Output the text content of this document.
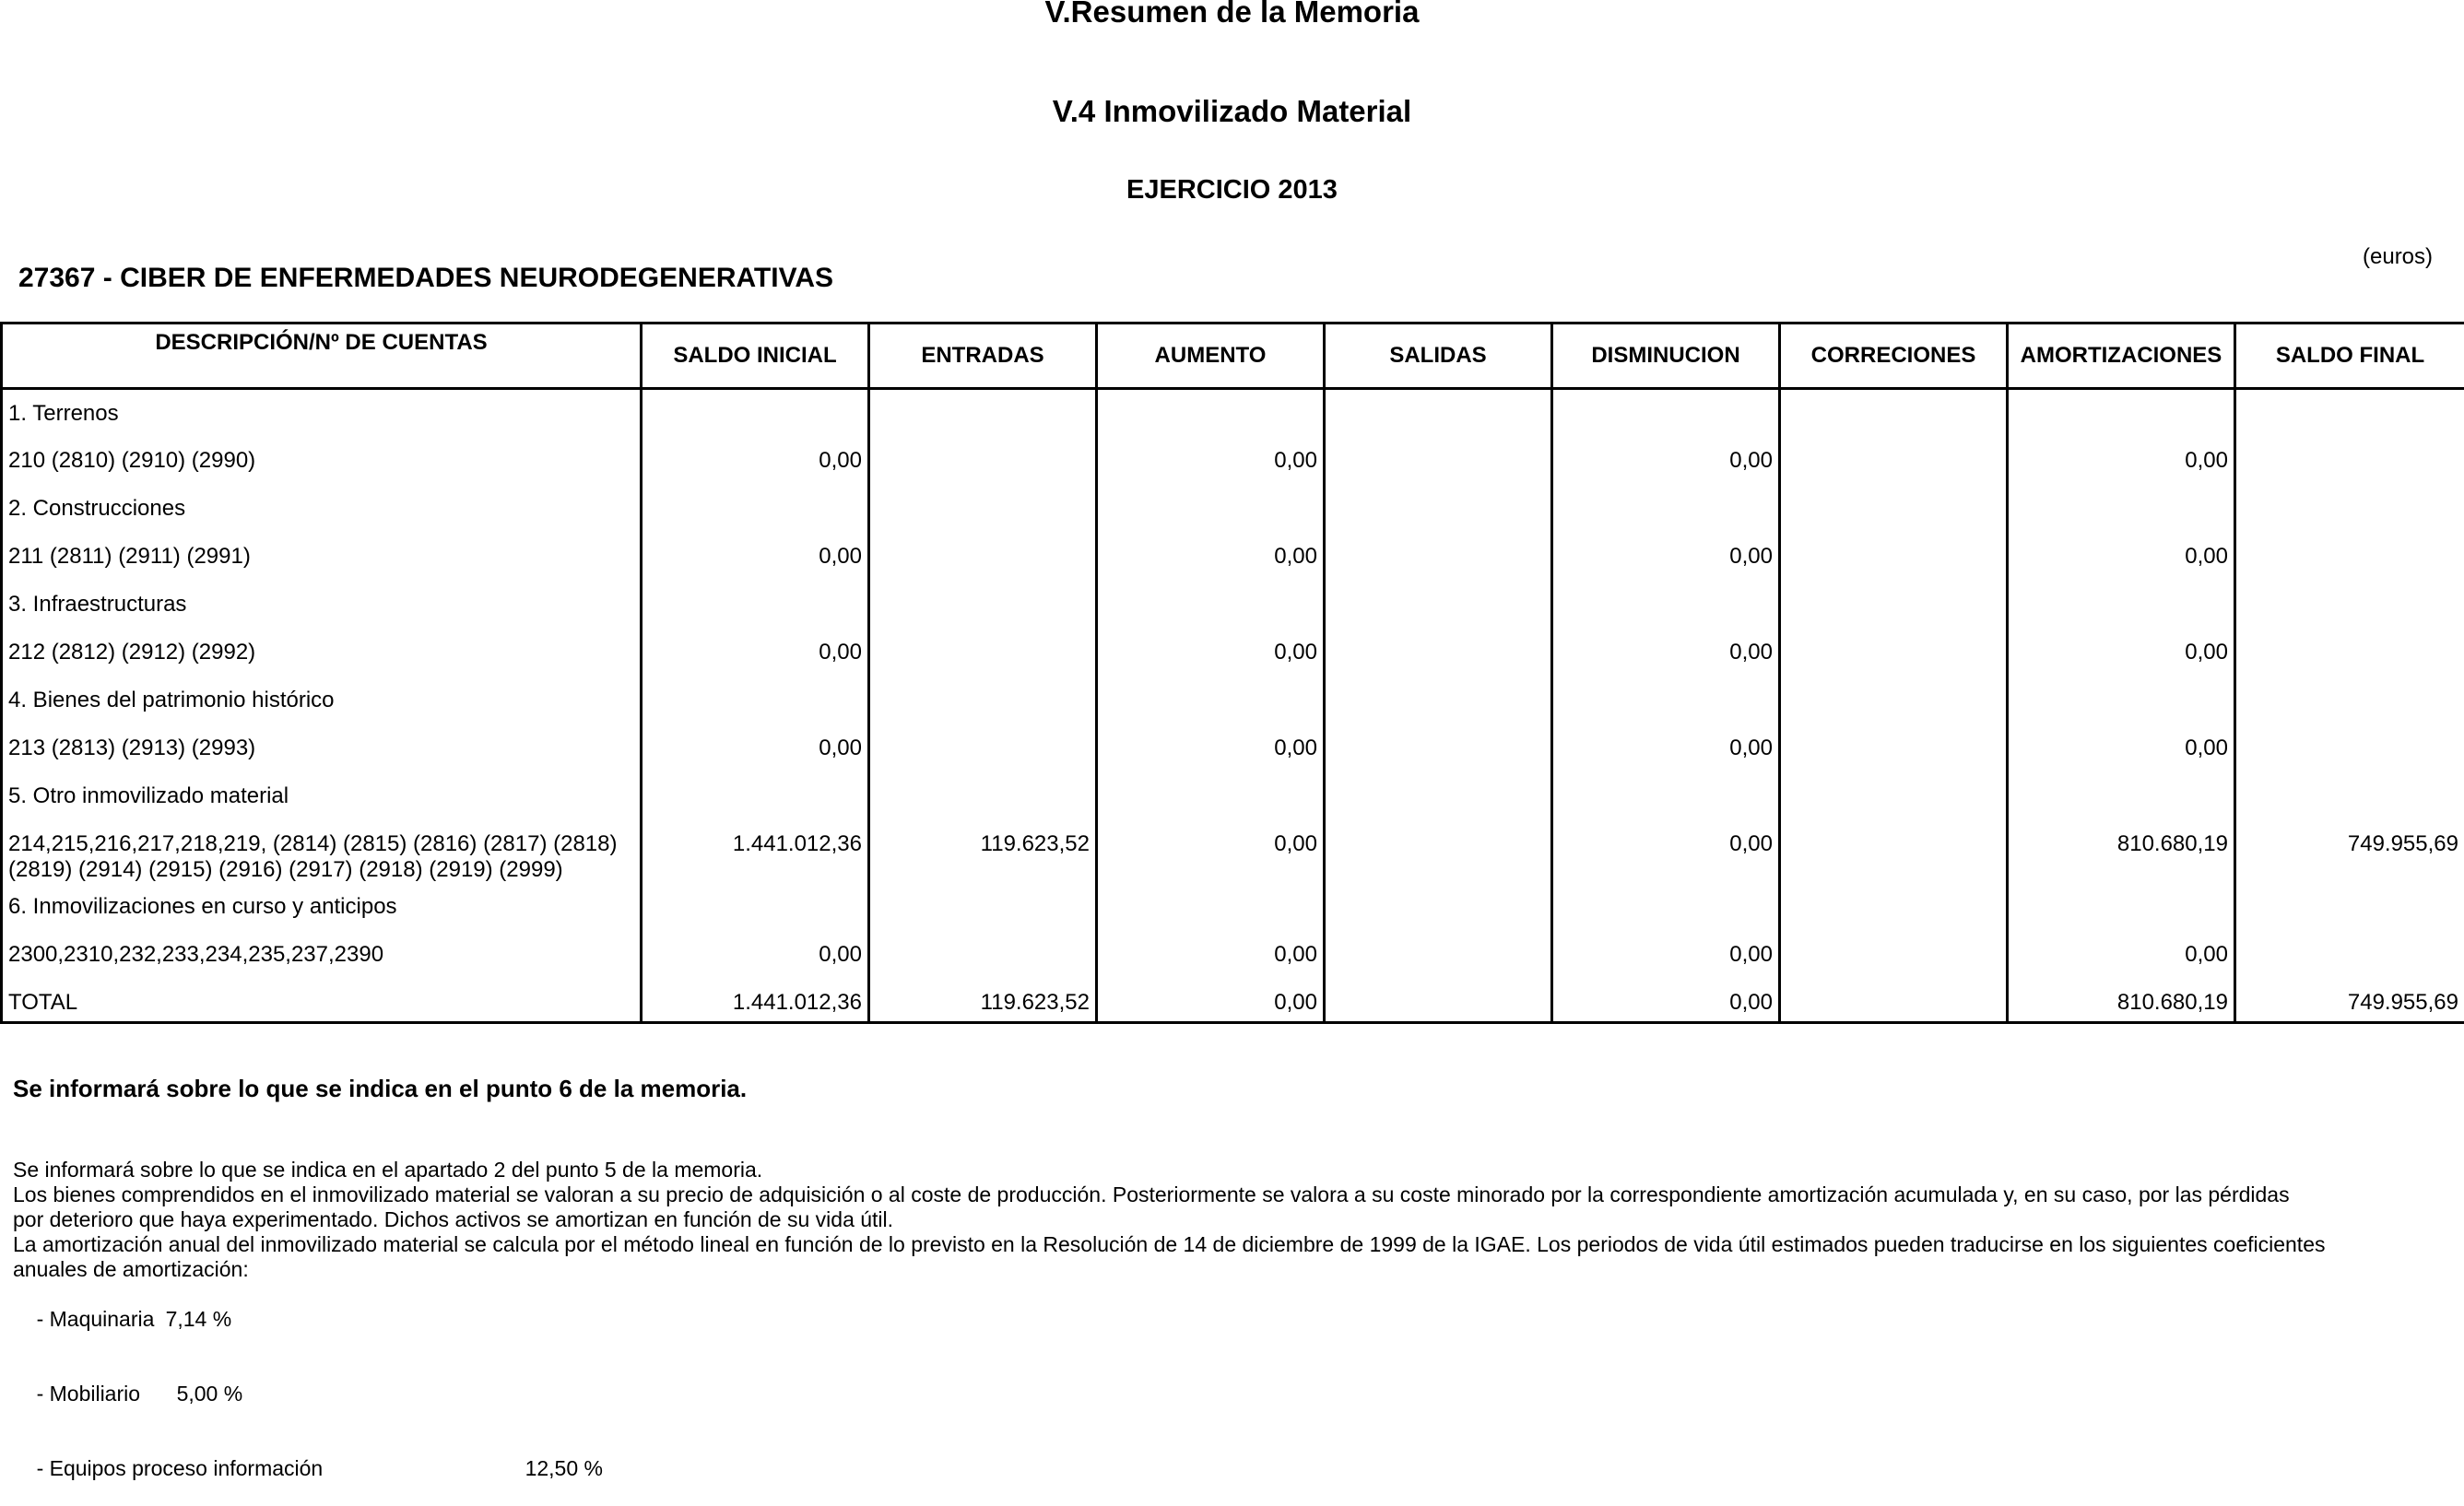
V.Resumen de la Memoria
V.4 Inmovilizado Material
EJERCICIO 2013
(euros)
27367 - CIBER DE ENFERMEDADES NEURODEGENERATIVAS
DESCRIPCIÓN/Nº DE CUENTAS	SALDO INICIAL	ENTRADAS	AUMENTO	SALIDAS	DISMINUCION	CORRECIONES	AMORTIZACIONES	SALDO FINAL
1. Terrenos								
210 (2810) (2910) (2990)	0,00		0,00		0,00		0,00	
2. Construcciones								
211 (2811) (2911) (2991)	0,00		0,00		0,00		0,00	
3. Infraestructuras								
212 (2812) (2912) (2992)	0,00		0,00		0,00		0,00	
4. Bienes del patrimonio histórico								
213 (2813) (2913) (2993)	0,00		0,00		0,00		0,00	
5. Otro inmovilizado material								
214,215,216,217,218,219, (2814) (2815) (2816) (2817) (2818) (2819) (2914) (2915) (2916) (2917) (2918) (2919) (2999)	1.441.012,36	119.623,52	0,00		0,00		810.680,19	749.955,69
6. Inmovilizaciones en curso y anticipos								
2300,2310,232,233,234,235,237,2390	0,00		0,00		0,00		0,00	
TOTAL	1.441.012,36	119.623,52	0,00		0,00		810.680,19	749.955,69
Se informará sobre lo que se indica en el punto 6 de la memoria.
Se informará sobre lo que se indica en el apartado 2 del punto 5 de la memoria.
Los bienes comprendidos en el inmovilizado material se valoran a su precio de adquisición o al coste de producción. Posteriormente se valora a su coste minorado por la correspondiente amortización acumulada y, en su caso, por las pérdidas
por deterioro que haya experimentado. Dichos activos se amortizan en función de su vida útil.
La amortización anual del inmovilizado material se calcula por el método lineal en función de lo previsto en la Resolución de 14 de diciembre de 1999 de la IGAE. Los periodos de vida útil estimados pueden traducirse en los siguientes coeficientes
anuales de amortización:

- Maquinaria 7,14 %

- Mobiliario 5,00 %

- Equipos proceso información	12,50 %
